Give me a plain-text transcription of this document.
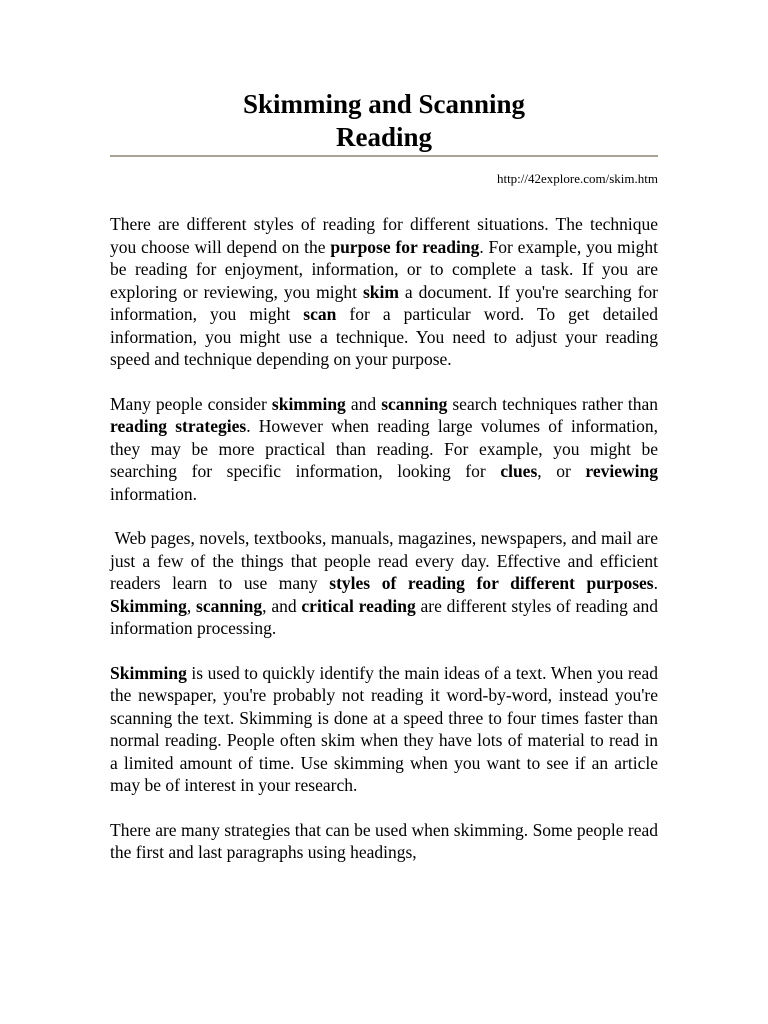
Skimming and Scanning
Reading
http://42explore.com/skim.htm

There are different styles of reading for different situations. The technique you choose will depend on the purpose for reading. For example, you might be reading for enjoyment, information, or to complete a task. If you are exploring or reviewing, you might skim a document. If you're searching for information, you might scan for a particular word. To get detailed information, you might use a technique. You need to adjust your reading speed and technique depending on your purpose.

Many people consider skimming and scanning search techniques rather than reading strategies. However when reading large volumes of information, they may be more practical than reading. For example, you might be searching for specific information, looking for clues, or reviewing information.

Web pages, novels, textbooks, manuals, magazines, newspapers, and mail are just a few of the things that people read every day. Effective and efficient readers learn to use many styles of reading for different purposes. Skimming, scanning, and critical reading are different styles of reading and information processing.

Skimming is used to quickly identify the main ideas of a text. When you read the newspaper, you're probably not reading it word-by-word, instead you're scanning the text. Skimming is done at a speed three to four times faster than normal reading. People often skim when they have lots of material to read in a limited amount of time. Use skimming when you want to see if an article may be of interest in your research.

There are many strategies that can be used when skimming. Some people read the first and last paragraphs using headings,
